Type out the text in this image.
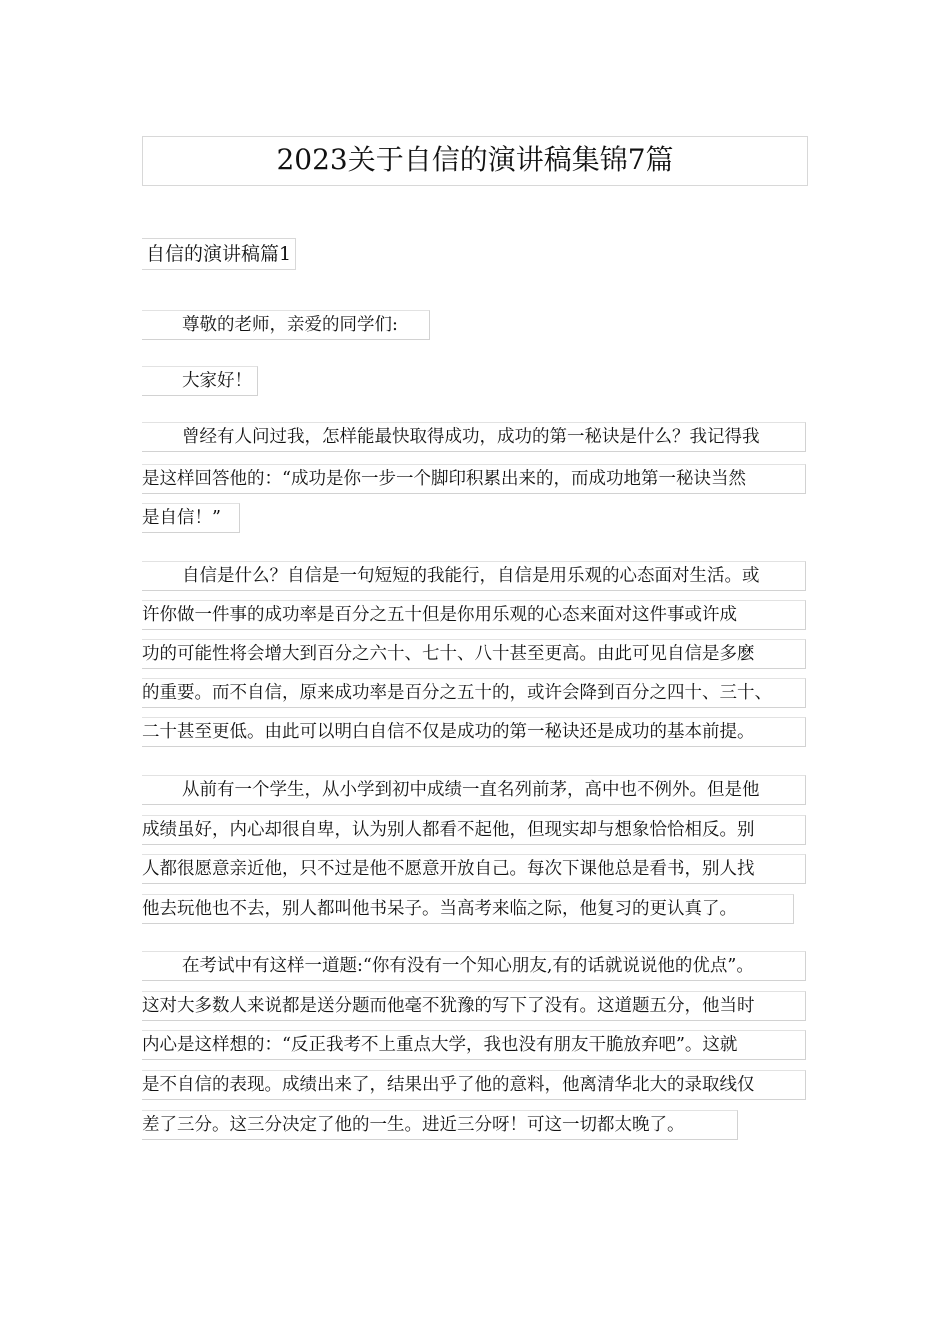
2023关于自信的演讲稿集锦7篇
自信的演讲稿篇1
尊敬的老师，亲爱的同学们:
大家好！
曾经有人问过我，怎样能最快取得成功，成功的第一秘诀是什么？我记得我
是这样回答他的：“成功是你一步一个脚印积累出来的，而成功地第一秘诀当然
是自信！”
自信是什么？自信是一句短短的我能行，自信是用乐观的心态面对生活。或
许你做一件事的成功率是百分之五十但是你用乐观的心态来面对这件事或许成
功的可能性将会增大到百分之六十、七十、八十甚至更高。由此可见自信是多麽
的重要。而不自信，原来成功率是百分之五十的，或许会降到百分之四十、三十、
二十甚至更低。由此可以明白自信不仅是成功的第一秘诀还是成功的基本前提。
从前有一个学生，从小学到初中成绩一直名列前茅，高中也不例外。但是他
成绩虽好，内心却很自卑，认为别人都看不起他，但现实却与想象恰恰相反。别
人都很愿意亲近他，只不过是他不愿意开放自己。每次下课他总是看书，别人找
他去玩他也不去，别人都叫他书呆子。当高考来临之际，他复习的更认真了。
在考试中有这样一道题:“你有没有一个知心朋友,有的话就说说他的优点”。
这对大多数人来说都是送分题而他毫不犹豫的写下了没有。这道题五分，他当时
内心是这样想的：“反正我考不上重点大学，我也没有朋友干脆放弃吧”。这就
是不自信的表现。成绩出来了，结果出乎了他的意料，他离清华北大的录取线仅
差了三分。这三分决定了他的一生。进近三分呀！可这一切都太晚了。
